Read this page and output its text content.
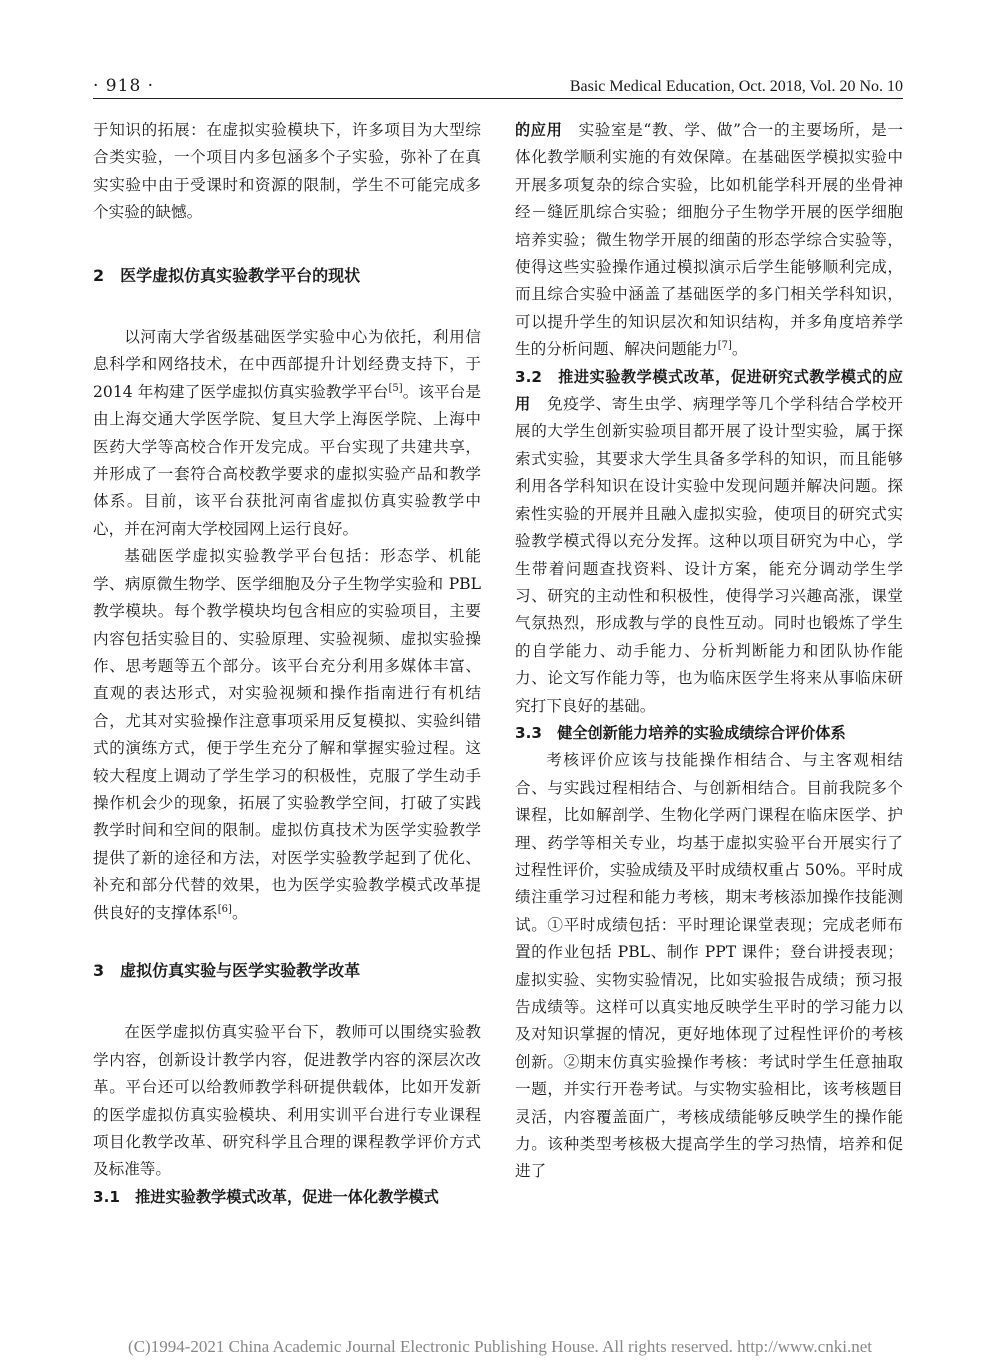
· 918 ·	Basic Medical Education, Oct. 2018, Vol. 20 No. 10

于知识的拓展：在虚拟实验模块下，许多项目为大型综合类实验，一个项目内多包涵多个子实验，弥补了在真实实验中由于受课时和资源的限制，学生不可能完成多个实验的缺憾。

2　医学虚拟仿真实验教学平台的现状

以河南大学省级基础医学实验中心为依托，利用信息科学和网络技术，在中西部提升计划经费支持下，于 2014 年构建了医学虚拟仿真实验教学平台[5]。该平台是由上海交通大学医学院、复旦大学上海医学院、上海中医药大学等高校合作开发完成。平台实现了共建共享，并形成了一套符合高校教学要求的虚拟实验产品和教学体系。目前，该平台获批河南省虚拟仿真实验教学中心，并在河南大学校园网上运行良好。

基础医学虚拟实验教学平台包括：形态学、机能学、病原微生物学、医学细胞及分子生物学实验和 PBL 教学模块。每个教学模块均包含相应的实验项目，主要内容包括实验目的、实验原理、实验视频、虚拟实验操作、思考题等五个部分。该平台充分利用多媒体丰富、直观的表达形式，对实验视频和操作指南进行有机结合，尤其对实验操作注意事项采用反复模拟、实验纠错式的演练方式，便于学生充分了解和掌握实验过程。这较大程度上调动了学生学习的积极性，克服了学生动手操作机会少的现象，拓展了实验教学空间，打破了实践教学时间和空间的限制。虚拟仿真技术为医学实验教学提供了新的途径和方法，对医学实验教学起到了优化、补充和部分代替的效果，也为医学实验教学模式改革提供良好的支撑体系[6]。

3　虚拟仿真实验与医学实验教学改革

在医学虚拟仿真实验平台下，教师可以围绕实验教学内容，创新设计教学内容，促进教学内容的深层次改革。平台还可以给教师教学科研提供载体，比如开发新的医学虚拟仿真实验模块、利用实训平台进行专业课程项目化教学改革、研究科学且合理的课程教学评价方式及标准等。

3.1　推进实验教学模式改革，促进一体化教学模式

的应用　 实验室是“教、学、做”合一的主要场所，是一体化教学顺利实施的有效保障。在基础医学模拟实验中开展多项复杂的综合实验，比如机能学科开展的坐骨神经－缝匠肌综合实验；细胞分子生物学开展的医学细胞培养实验；微生物学开展的细菌的形态学综合实验等，使得这些实验操作通过模拟演示后学生能够顺利完成，而且综合实验中涵盖了基础医学的多门相关学科知识，可以提升学生的知识层次和知识结构，并多角度培养学生的分析问题、解决问题能力[7]。

3.2　推进实验教学模式改革，促进研究式教学模式的应用　 免疫学、寄生虫学、病理学等几个学科结合学校开展的大学生创新实验项目都开展了设计型实验，属于探索式实验，其要求大学生具备多学科的知识，而且能够利用各学科知识在设计实验中发现问题并解决问题。探索性实验的开展并且融入虚拟实验，使项目的研究式实验教学模式得以充分发挥。这种以项目研究为中心，学生带着问题查找资料、设计方案，能充分调动学生学习、研究的主动性和积极性，使得学习兴趣高涨，课堂气氛热烈，形成教与学的良性互动。同时也锻炼了学生的自学能力、动手能力、分析判断能力和团队协作能力、论文写作能力等，也为临床医学生将来从事临床研究打下良好的基础。

3.3　健全创新能力培养的实验成绩综合评价体系

考核评价应该与技能操作相结合、与主客观相结合、与实践过程相结合、与创新相结合。目前我院多个课程，比如解剖学、生物化学两门课程在临床医学、护理、药学等相关专业，均基于虚拟实验平台开展实行了过程性评价，实验成绩及平时成绩权重占 50%。平时成绩注重学习过程和能力考核，期末考核添加操作技能测试。①平时成绩包括：平时理论课堂表现；完成老师布置的作业包括 PBL、制作 PPT 课件；登台讲授表现；虚拟实验、实物实验情况，比如实验报告成绩；预习报告成绩等。这样可以真实地反映学生平时的学习能力以及对知识掌握的情况，更好地体现了过程性评价的考核创新。②期末仿真实验操作考核：考试时学生任意抽取一题，并实行开卷考试。与实物实验相比，该考核题目灵活，内容覆盖面广，考核成绩能够反映学生的操作能力。该种类型考核极大提高学生的学习热情，培养和促进了

(C)1994-2021 China Academic Journal Electronic Publishing House. All rights reserved. http://www.cnki.net
